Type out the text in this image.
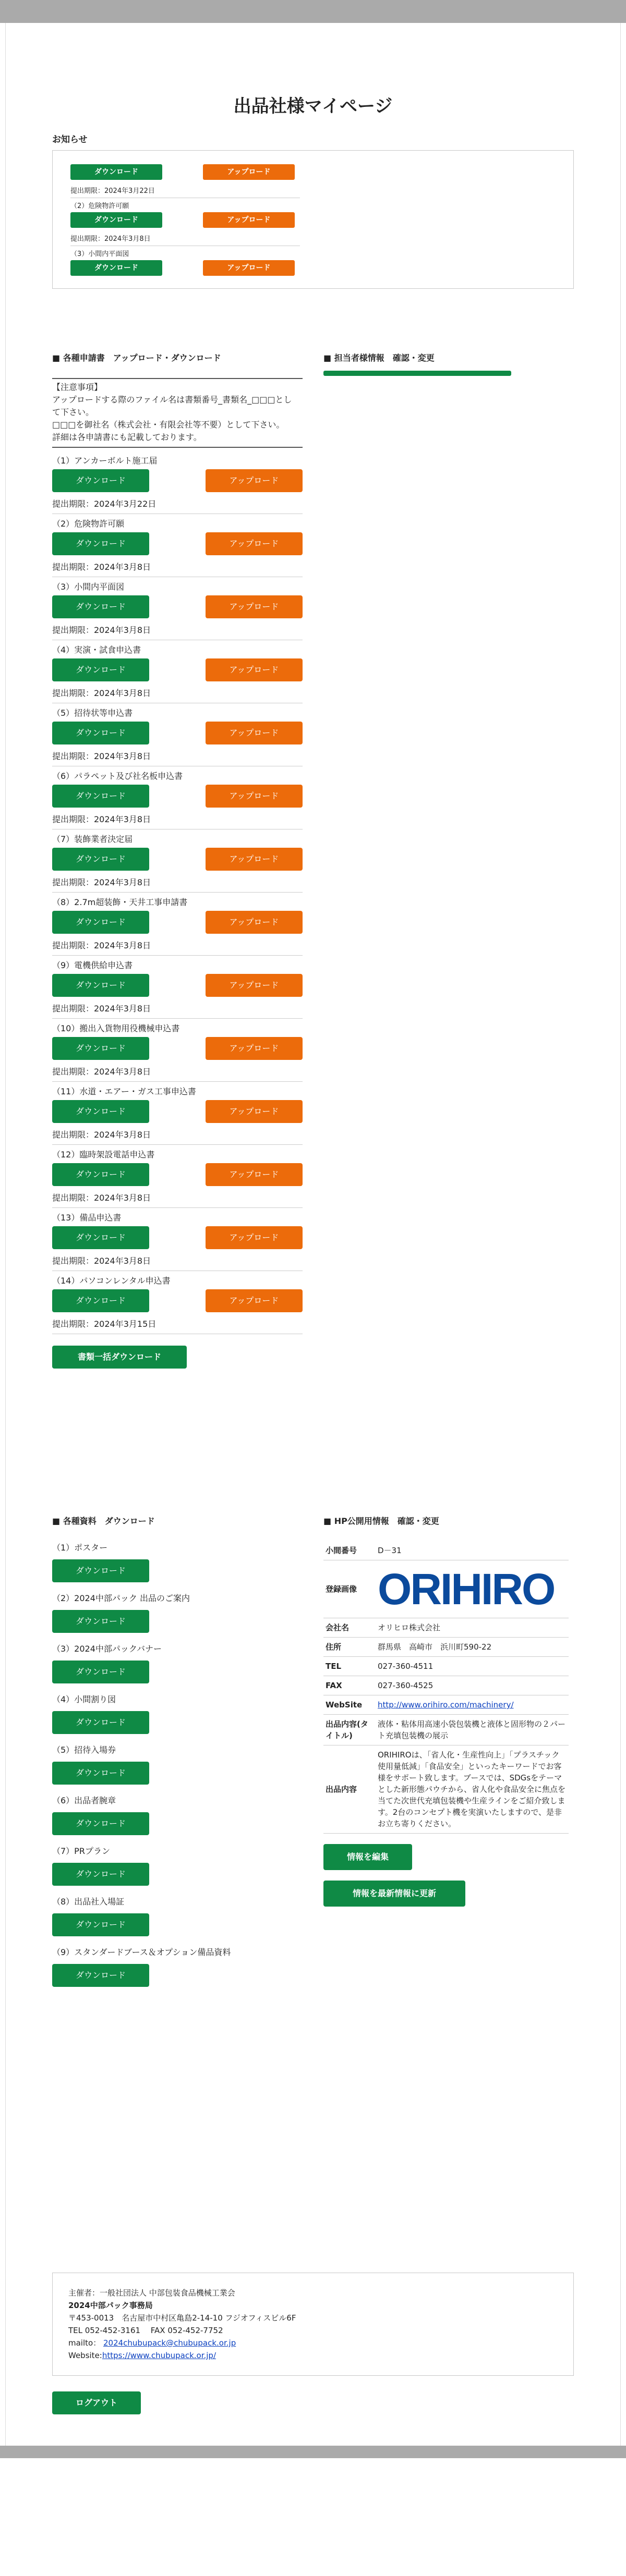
出品社様マイページ
お知らせ
ダウンロード	アップロード
提出期限：2024年3月22日
（2）危険物許可願
ダウンロード	アップロード
提出期限：2024年3月8日
（3）小間内平面図
ダウンロード	アップロード
■ 各種申請書　アップロード・ダウンロード
【注意事項】
アップロードする際のファイル名は書類番号_書類名_□□□とし
て下さい。
□□□を御社名（株式会社・有限会社等不要）として下さい。
詳細は各申請書にも記載しております。
（1）アンカーボルト施工届
ダウンロード	アップロード
提出期限：2024年3月22日
（2）危険物許可願
ダウンロード	アップロード
提出期限：2024年3月8日
（3）小間内平面図
ダウンロード	アップロード
提出期限：2024年3月8日
（4）実演・試食申込書
ダウンロード	アップロード
提出期限：2024年3月8日
（5）招待状等申込書
ダウンロード	アップロード
提出期限：2024年3月8日
（6）パラペット及び社名板申込書
ダウンロード	アップロード
提出期限：2024年3月8日
（7）装飾業者決定届
ダウンロード	アップロード
提出期限：2024年3月8日
（8）2.7m超装飾・天井工事申請書
ダウンロード	アップロード
提出期限：2024年3月8日
（9）電機供給申込書
ダウンロード	アップロード
提出期限：2024年3月8日
（10）搬出入貨物用役機械申込書
ダウンロード	アップロード
提出期限：2024年3月8日
（11）水道・エアー・ガス工事申込書
ダウンロード	アップロード
提出期限：2024年3月8日
（12）臨時架設電話申込書
ダウンロード	アップロード
提出期限：2024年3月8日
（13）備品申込書
ダウンロード	アップロード
提出期限：2024年3月8日
（14）パソコンレンタル申込書
ダウンロード	アップロード
提出期限：2024年3月15日
書類一括ダウンロード
■ 担当者様情報　確認・変更
■ 各種資料　ダウンロード
（1）ポスター
ダウンロード
（2）2024中部パック 出品のご案内
ダウンロード
（3）2024中部パックバナー
ダウンロード
（4）小間割り図
ダウンロード
（5）招待入場券
ダウンロード
（6）出品者腕章
ダウンロード
（7）PRプラン
ダウンロード
（8）出品社入場証
ダウンロード
（9）スタンダードブース＆オプション備品資料
ダウンロード
■ HP公開用情報　確認・変更
小間番号	D－31
登録画像	ORIHIRO

会社名	オリヒロ株式会社
住所	群馬県　高崎市　浜川町590-22
TEL	027-360-4511
FAX	027-360-4525
WebSite	http://www.orihiro.com/machinery/
出品内容(タイトル)	液体・粘体用高速小袋包装機と液体と固形物の２パート充填包装機の展示
出品内容	ORIHIROは、「省人化・生産性向上」「プラスチック使用量低減」「食品安全」といったキーワードでお客様をサポート致します。ブースでは、SDGsをテーマとした新形態パウチから、省人化や食品安全に焦点を当てた次世代充填包装機や生産ラインをご紹介致します。2台のコンセプト機を実演いたしますので、是非お立ち寄りください。
情報を編集
情報を最新情報に更新
主催者：一般社団法人 中部包装食品機械工業会
2024中部パック事務局
〒453-0013　名古屋市中村区亀島2-14-10 フジオフィスビル6F
TEL 052-452-3161　 FAX 052-452-7752
mailto： 2024chubupack@chubupack.or.jp
Website:https://www.chubupack.or.jp/
ログアウト
